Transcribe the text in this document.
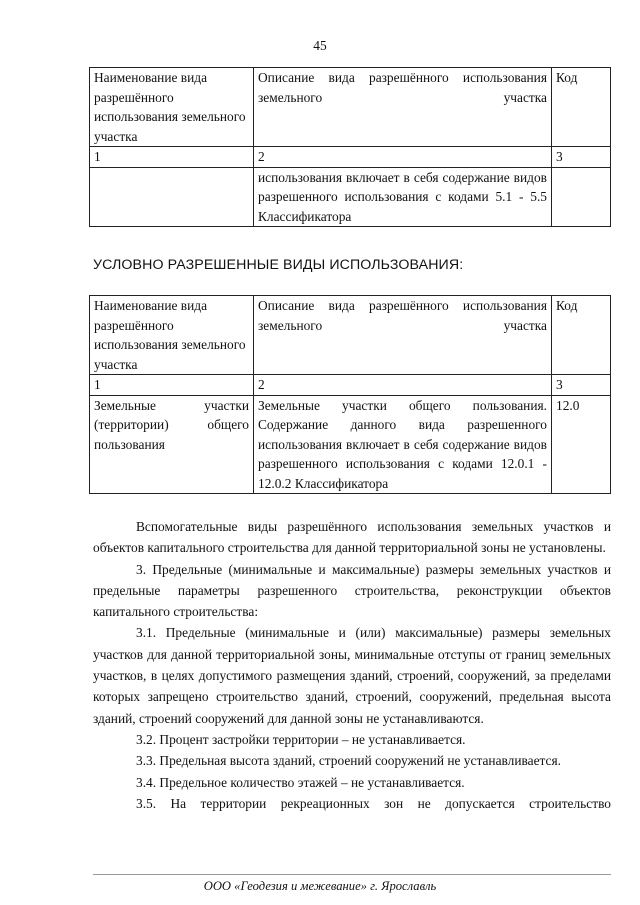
45
Наименование вида разрешённого использования земельного участка	Описание вида разрешённого использования земельного участка	Код
1	2	3
	использования включает в себя содержание видов разрешенного использования с кодами 5.1 - 5.5 Классификатора	
УСЛОВНО РАЗРЕШЕННЫЕ ВИДЫ ИСПОЛЬЗОВАНИЯ:
Наименование вида разрешённого использования земельного участка	Описание вида разрешённого использования земельного участка	Код
1	2	3
Земельные участки (территории) общего пользования	Земельные участки общего пользования. Содержание данного вида разрешенного использования включает в себя содержание видов разрешенного использования с кодами 12.0.1 - 12.0.2 Классификатора	12.0

Вспомогательные виды разрешённого использования земельных участков и объектов капитального строительства для данной территориальной зоны не установлены.

3. Предельные (минимальные и максимальные) размеры земельных участков и предельные параметры разрешенного строительства, реконструкции объектов капитального строительства:

3.1. Предельные (минимальные и (или) максимальные) размеры земельных участков для данной территориальной зоны, минимальные отступы от границ земельных участков, в целях допустимого размещения зданий, строений, сооружений, за пределами которых запрещено строительство зданий, строений, сооружений, предельная высота зданий, строений сооружений для данной зоны не устанавливаются.

3.2. Процент застройки территории – не устанавливается.

3.3. Предельная высота зданий, строений сооружений не устанавливается.

3.4. Предельное количество этажей – не устанавливается.

3.5. На территории рекреационных зон не допускается строительство

ООО «Геодезия и межевание» г. Ярославль
